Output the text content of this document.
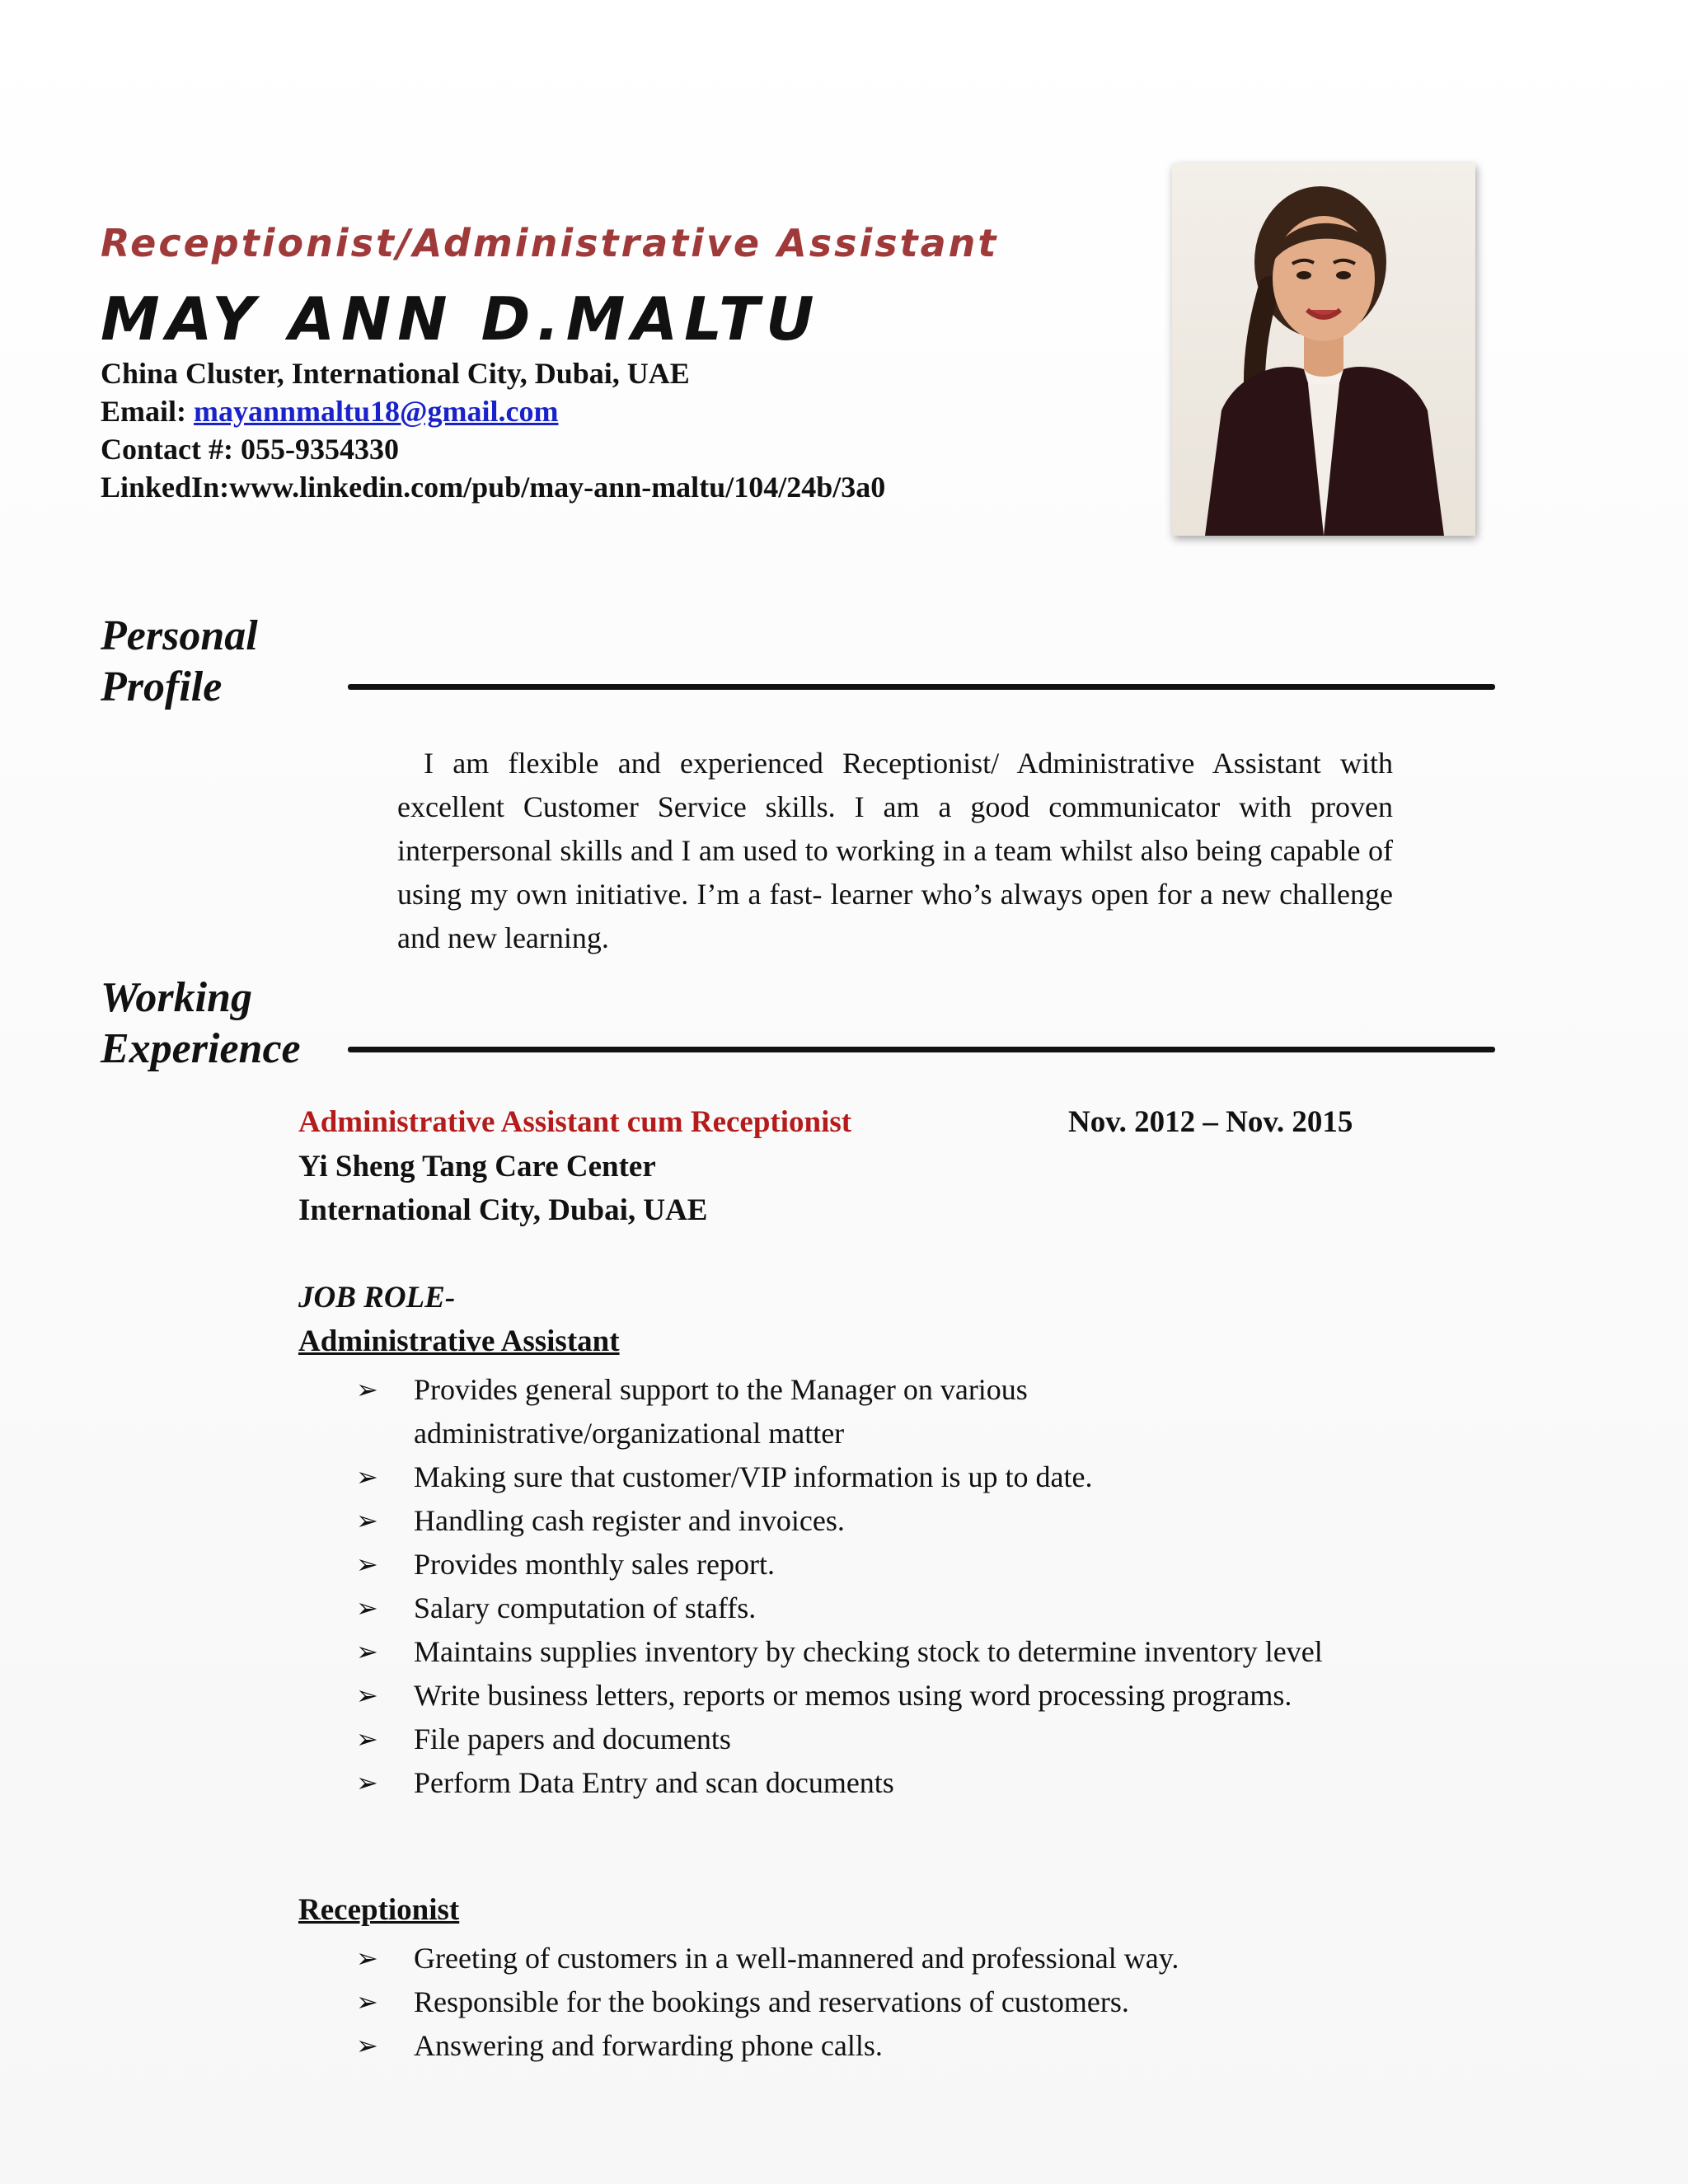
Receptionist/Administrative Assistant
MAY ANN D.MALTU
China Cluster, International City, Dubai, UAE
Email: mayannmaltu18@gmail.com
Contact #: 055-9354330
LinkedIn:www.linkedin.com/pub/may-ann-maltu/104/24b/3a0
Personal
Profile
I am flexible and experienced Receptionist/ Administrative Assistant with excellent Customer Service skills. I am a good communicator with proven interpersonal skills and I am used to working in a team whilst also being capable of using my own initiative. I’m a fast- learner who’s always open for a new challenge and new learning.
Working
Experience
Administrative Assistant cum Receptionist	Nov. 2012 – Nov. 2015
Yi Sheng Tang Care Center
International City, Dubai, UAE
JOB ROLE-
Administrative Assistant
➢ Provides general support to the Manager on various administrative/organizational matter
➢ Making sure that customer/VIP information is up to date.
➢ Handling cash register and invoices.
➢ Provides monthly sales report.
➢ Salary computation of staffs.
➢ Maintains supplies inventory by checking stock to determine inventory level
➢ Write business letters, reports or memos using word processing programs.
➢ File papers and documents
➢ Perform Data Entry and scan documents
Receptionist
➢ Greeting of customers in a well-mannered and professional way.
➢ Responsible for the bookings and reservations of customers.
➢ Answering and forwarding phone calls.
